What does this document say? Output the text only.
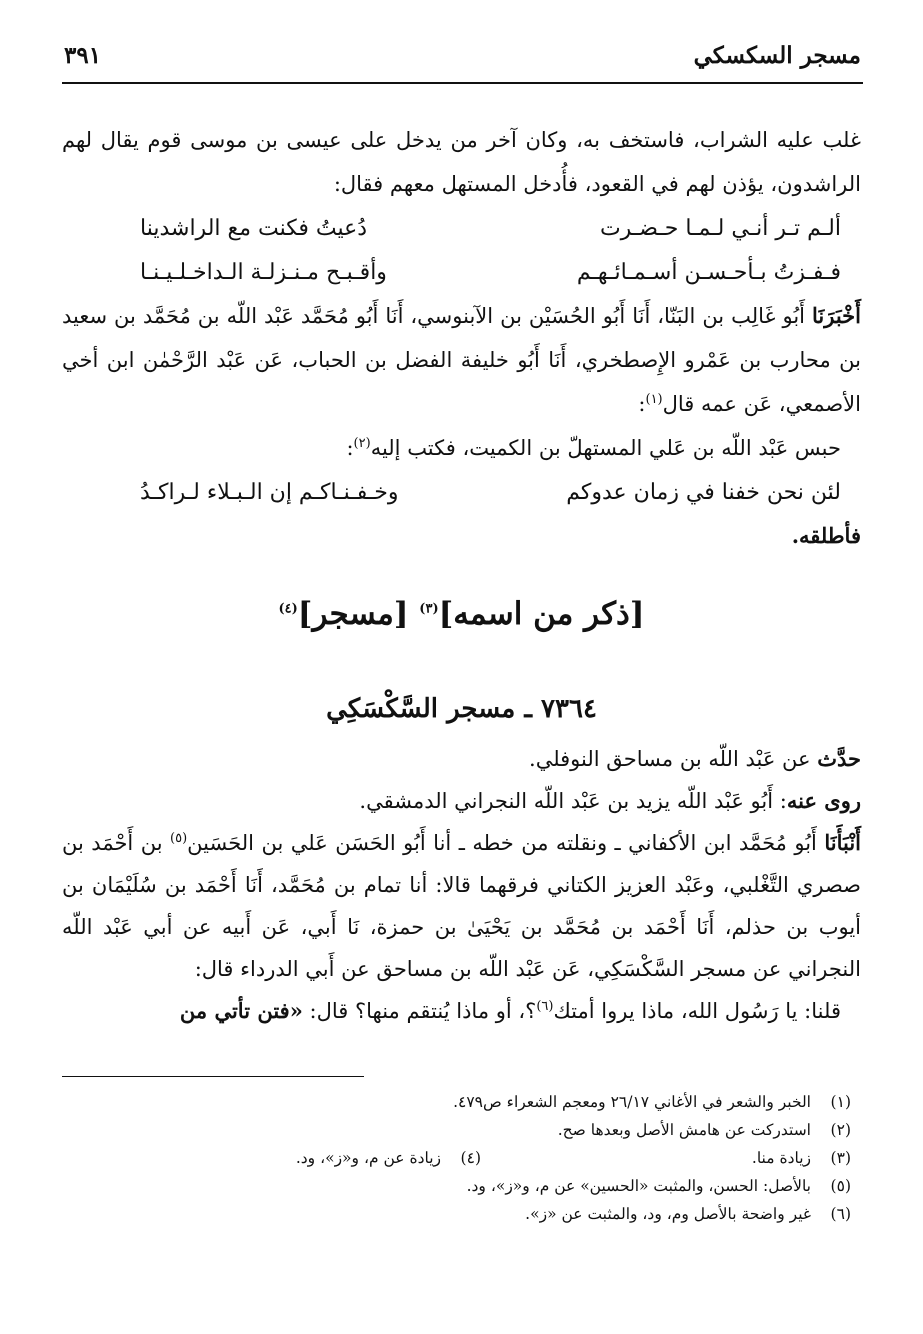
مسجر السكسكي
٣٩١

غلب عليه الشراب، فاستخف به، وكان آخر من يدخل على عيسى بن موسى قوم يقال لهم الراشدون، يؤذن لهم في القعود، فأُدخل المستهل معهم فقال:

ألـم تـر أنـي لـمـا حـضـرت
دُعيتُ فكنت مع الراشدينا
فـفـزتُ بـأحـسـن أسـمـائـهـم
وأقـبـح مـنـزلـة الـداخـلـيـنـا

أَخْبَرَنَا أَبُو غَالِب بن البَنّا، أَنَا أَبُو الحُسَيْن بن الآبنوسي، أَنَا أَبُو مُحَمَّد عَبْد اللّه بن مُحَمَّد بن سعيد بن محارب بن عَمْرو الإِصطخري، أَنَا أَبُو خليفة الفضل بن الحباب، عَن عَبْد الرَّحْمٰن ابن أخي الأصمعي، عَن عمه قال$^{(١)}$:

حبس عَبْد اللّه بن عَلي المستهلّ بن الكميت، فكتب إليه$^{(٢)}$:

لئن نحن خفنا في زمان عدوكم
وخـفـنـاكـم إن الـبـلاء لـراكـدُ

فأطلقه.

[ذكر من اسمه]$^{(٣)}$ [مسجر]$^{(٤)}$
٧٣٦٤ ـ مسجر السَّكْسَكِي

حدَّث عن عَبْد اللّه بن مساحق النوفلي.

روى عنه: أَبُو عَبْد اللّه يزيد بن عَبْد اللّه النجراني الدمشقي.

أَنْبَأَنَا أَبُو مُحَمَّد ابن الأكفاني ـ ونقلته من خطه ـ أنا أَبُو الحَسَن عَلي بن الحَسَين$^{(٥)}$ بن أَحْمَد بن صصري التَّغْلبي، وعَبْد العزيز الكتاني فرقهما قالا: أنا تمام بن مُحَمَّد، أَنَا أَحْمَد بن سُلَيْمَان بن أيوب بن حذلم، أَنَا أَحْمَد بن مُحَمَّد بن يَحْيَىٰ بن حمزة، نَا أَبي، عَن أَبيه عن أبي عَبْد اللّه النجراني عن مسجر السَّكْسَكِي، عَن عَبْد اللّه بن مساحق عن أَبي الدرداء قال:

قلنا: يا رَسُول الله، ماذا يروا أمتك$^{(٦)}$؟، أو ماذا يُنتقم منها؟ قال: «فتن تأتي من

(١)
الخبر والشعر في الأغاني ٢٦/١٧ ومعجم الشعراء ص٤٧٩.
(٢)
استدركت عن هامش الأصل وبعدها صح.
(٣)
زيادة منا.
(٤)
زيادة عن م، و«ز»، ود.
(٥)
بالأصل: الحسن، والمثبت «الحسين» عن م، و«ز»، ود.
(٦)
غير واضحة بالأصل وم، ود، والمثبت عن «ز».
